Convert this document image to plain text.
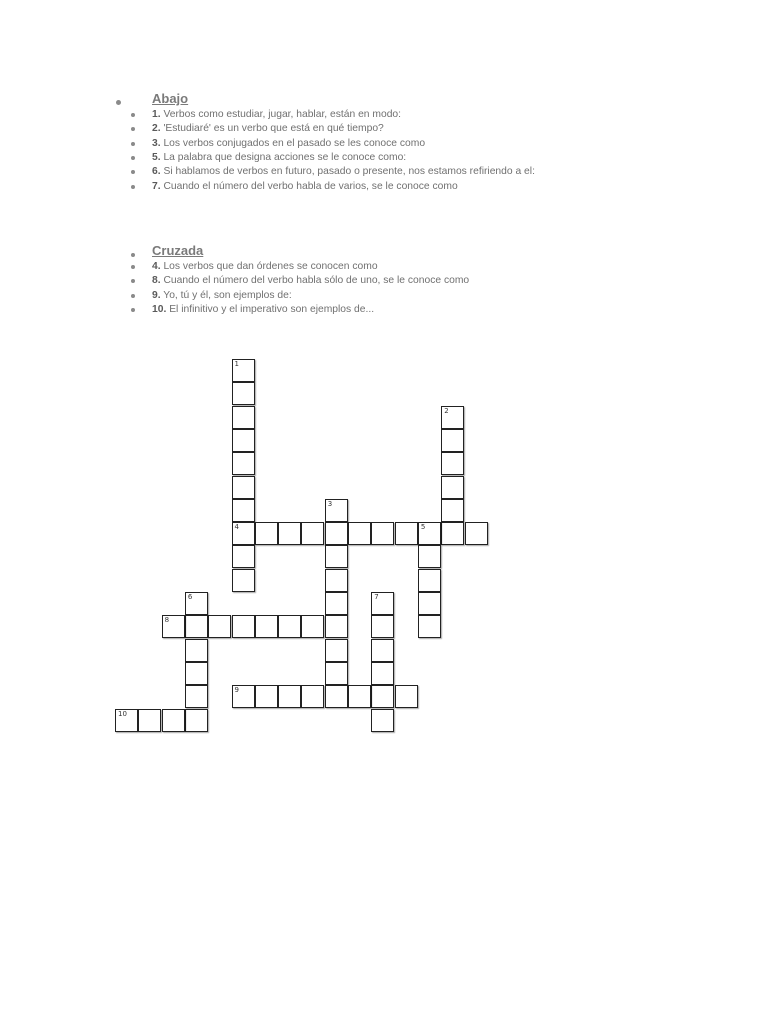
Abajo
1. Verbos como estudiar, jugar, hablar, están en modo:
2. 'Estudiaré' es un verbo que está en qué tiempo?
3. Los verbos conjugados en el pasado se les conoce como
5. La palabra que designa acciones se le conoce como:
6. Si hablamos de verbos en futuro, pasado o presente, nos estamos refiriendo a el:
7. Cuando el número del verbo habla de varios, se le conoce como
Cruzada
4. Los verbos que dan órdenes se conocen como
8. Cuando el número del verbo habla sólo de uno, se le conoce como
9. Yo, tú y él, son ejemplos de:
10. El infinitivo y el imperativo son ejemplos de...
1
4
2
3
5
6	7
8
9
10
